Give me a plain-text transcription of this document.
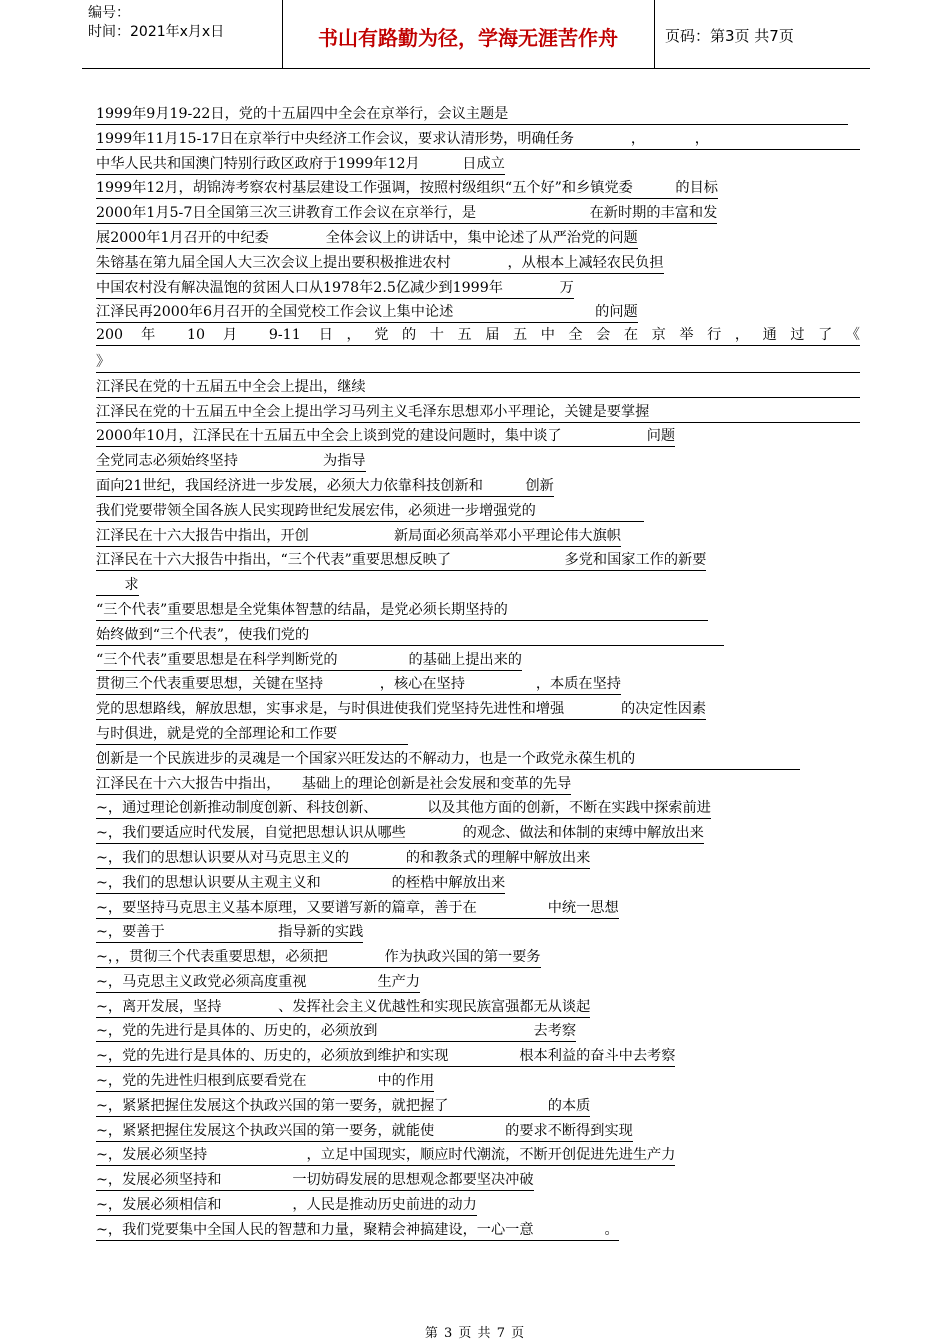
编号：
时间：2021年x月x日	书山有路勤为径，学海无涯苦作舟	页码：第3页 共7页
1999年9月19-22日，党的十五届四中全会在京举行，会议主题是
1999年11月15-17日在京举行中央经济工作会议，要求认清形势，明确任务　　　　，　　　　，
中华人民共和国澳门特别行政区政府于1999年12月　　　日成立
1999年12月，胡锦涛考察农村基层建设工作强调，按照村级组织“五个好”和乡镇党委　　　的目标
2000年1月5-7日全国第三次三讲教育工作会议在京举行，是　　　　　　　　在新时期的丰富和发
展2000年1月召开的中纪委　　　　全体会议上的讲话中，集中论述了从严治党的问题
朱镕基在第九届全国人大三次会议上提出要积极推进农村　　　　，从根本上减轻农民负担
中国农村没有解决温饱的贫困人口从1978年2.5亿减少到1999年　　　　万
江泽民再2000年6月召开的全国党校工作会议上集中论述　　　　　　　　　　的问题
200 年 10 月 9-11 日，党的十五届五中全会在京举行，通过了《
》
江泽民在党的十五届五中全会上提出，继续
江泽民在党的十五届五中全会上提出学习马列主义毛泽东思想邓小平理论，关键是要掌握
2000年10月，江泽民在十五届五中全会上谈到党的建设问题时，集中谈了　　　　　　问题
全党同志必须始终坚持　　　　　　为指导
面向21世纪，我国经济进一步发展，必须大力依靠科技创新和　　　创新
我们党要带领全国各族人民实现跨世纪发展宏伟，必须进一步增强党的
江泽民在十六大报告中指出，开创　　　　　　新局面必须高举邓小平理论伟大旗帜
江泽民在十六大报告中指出，“三个代表”重要思想反映了　　　　　　　　多党和国家工作的新要
　　求
“三个代表”重要思想是全党集体智慧的结晶，是党必须长期坚持的
始终做到“三个代表”，使我们党的
“三个代表”重要思想是在科学判断党的　　　　　的基础上提出来的
贯彻三个代表重要思想，关键在坚持　　　　，核心在坚持　　　　　，本质在坚持
党的思想路线，解放思想，实事求是，与时俱进使我们党坚持先进性和增强　　　　的决定性因素
与时俱进，就是党的全部理论和工作要
创新是一个民族进步的灵魂是一个国家兴旺发达的不解动力，也是一个政党永葆生机的
江泽民在十六大报告中指出，　　基础上的理论创新是社会发展和变革的先导
~，通过理论创新推动制度创新、科技创新、　　　　以及其他方面的创新，不断在实践中探索前进
~，我们要适应时代发展，自觉把思想认识从哪些　　　　的观念、做法和体制的束缚中解放出来
~，我们的思想认识要从对马克思主义的　　　　的和教条式的理解中解放出来
~，我们的思想认识要从主观主义和　　　　　的桎梏中解放出来
~，要坚持马克思主义基本原理，又要谱写新的篇章，善于在　　　　　中统一思想
~，要善于　　　　　　　　指导新的实践
~，，贯彻三个代表重要思想，必须把　　　　作为执政兴国的第一要务
~，马克思主义政党必须高度重视　　　　　生产力
~，离开发展，坚持　　　　、发挥社会主义优越性和实现民族富强都无从谈起
~，党的先进行是具体的、历史的，必须放到　　　　　　　　　　　去考察
~，党的先进行是具体的、历史的，必须放到维护和实现　　　　　根本利益的奋斗中去考察
~，党的先进性归根到底要看党在　　　　　中的作用
~，紧紧把握住发展这个执政兴国的第一要务，就把握了　　　　　　　的本质
~，紧紧把握住发展这个执政兴国的第一要务，就能使　　　　　的要求不断得到实现
~，发展必须坚持　　　　　　　，立足中国现实，顺应时代潮流，不断开创促进先进生产力
~，发展必须坚持和　　　　　一切妨碍发展的思想观念都要坚决冲破
~，发展必须相信和　　　　　，人民是推动历史前进的动力
~，我们党要集中全国人民的智慧和力量，聚精会神搞建设，一心一意　　　　　。
第 3 页 共 7 页
